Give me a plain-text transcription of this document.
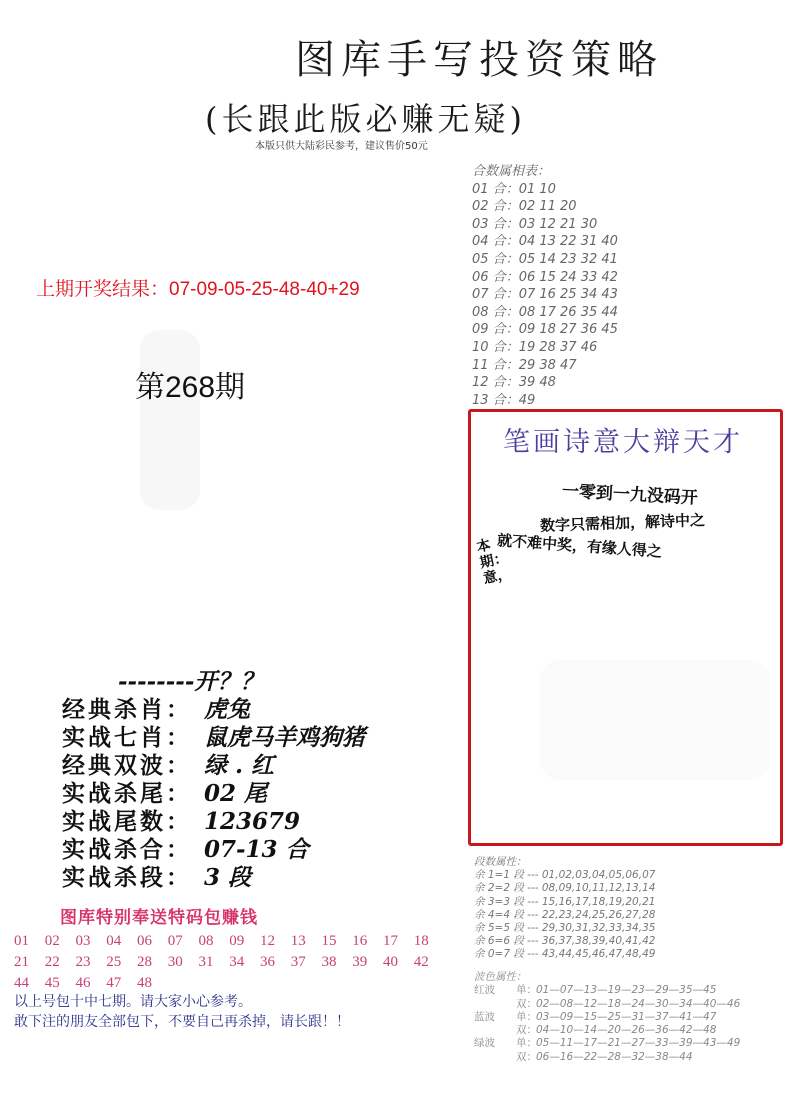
图库手写投资策略
(长跟此版必赚无疑)
本版只供大陆彩民参考，建议售价50元
上期开奖结果：07-09-05-25-48-40+29
第268期
合数属相表：
01 合：01 10
02 合：02 11 20
03 合：03 12 21 30
04 合：04 13 22 31 40
05 合：05 14 23 32 41
06 合：06 15 24 33 42
07 合：07 16 25 34 43
08 合：08 17 26 35 44
09 合：09 18 27 36 45
10 合：19 28 37 46
11 合：29 38 47
12 合：39 48
13 合：49
笔画诗意大辩天才
一零到一九没码开
数字只需相加，解诗中之
就不难中奖，有缘人得之
本期：意，
--------开？？
经典杀肖： 虎兔
实战七肖： 鼠虎马羊鸡狗猪
经典双波： 绿 . 红
实战杀尾： 02 尾
实战尾数： 123679
实战杀合： 07-13 合
实战杀段： 3 段
图库特别奉送特码包赚钱
01 02 03 04 06 07 08 09 12 13 15 16 17 18 21 22 23 25 28 30 31 34 36 37 38 39 40 42 44 45 46 47 48
以上号包十中七期。请大家小心参考。
敢下注的朋友全部包下，不要自己再杀掉，请长跟！！
段数属性：
余 1=1 段 --- 01,02,03,04,05,06,07
余 2=2 段 --- 08,09,10,11,12,13,14
余 3=3 段 --- 15,16,17,18,19,20,21
余 4=4 段 --- 22,23,24,25,26,27,28
余 5=5 段 --- 29,30,31,32,33,34,35
余 6=6 段 --- 36,37,38,39,40,41,42
余 0=7 段 --- 43,44,45,46,47,48,49
波色属性：
红波 单：01—07—13—19—23—29—35—45
双：02—08—12—18—24—30—34—40—46
蓝波 单：03—09—15—25—31—37—41—47
双：04—10—14—20—26—36—42—48
绿波 单：05—11—17—21—27—33—39—43—49
双：06—16—22—28—32—38—44
